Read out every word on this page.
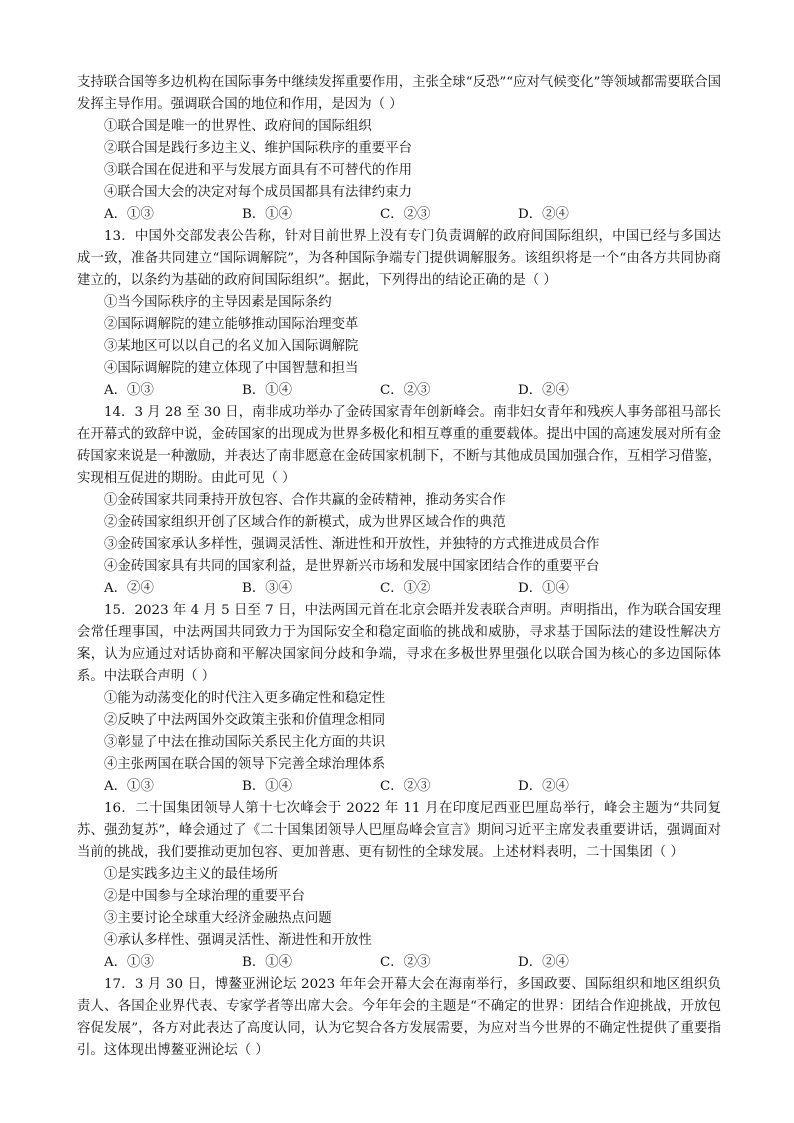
支持联合国等多边机构在国际事务中继续发挥重要作用，主张全球“反恐”“应对气候变化”等领域都需要联合国发挥主导作用。强调联合国的地位和作用，是因为（ ）

①联合国是唯一的世界性、政府间的国际组织

②联合国是践行多边主义、维护国际秩序的重要平台

③联合国在促进和平与发展方面具有不可替代的作用

④联合国大会的决定对每个成员国都具有法律约束力

A．①③	B．①④	C．②③	D．②④

13．中国外交部发表公告称，针对目前世界上没有专门负责调解的政府间国际组织，中国已经与多国达成一致，准备共同建立“国际调解院”，为各种国际争端专门提供调解服务。该组织将是一个“由各方共同协商建立的，以条约为基础的政府间国际组织”。据此，下列得出的结论正确的是（ ）

①当今国际秩序的主导因素是国际条约

②国际调解院的建立能够推动国际治理变革

③某地区可以以自己的名义加入国际调解院

④国际调解院的建立体现了中国智慧和担当

A．①③	B．①④	C．②③	D．②④

14．3 月 28 至 30 日，南非成功举办了金砖国家青年创新峰会。南非妇女青年和残疾人事务部祖马部长在开幕式的致辞中说，金砖国家的出现成为世界多极化和相互尊重的重要载体。提出中国的高速发展对所有金砖国家来说是一种激励，并表达了南非愿意在金砖国家机制下，不断与其他成员国加强合作，互相学习借鉴，实现相互促进的期盼。由此可见（ ）

①金砖国家共同秉持开放包容、合作共赢的金砖精神，推动务实合作

②金砖国家组织开创了区域合作的新模式，成为世界区域合作的典范

③金砖国家承认多样性，强调灵活性、渐进性和开放性，并独特的方式推进成员合作

④金砖国家具有共同的国家利益，是世界新兴市场和发展中国家团结合作的重要平台

A．②④	B．③④	C．①②	D．①④

15．2023 年 4 月 5 日至 7 日，中法两国元首在北京会晤并发表联合声明。声明指出，作为联合国安理会常任理事国，中法两国共同致力于为国际安全和稳定面临的挑战和威胁，寻求基于国际法的建设性解决方案，认为应通过对话协商和平解决国家间分歧和争端，寻求在多极世界里强化以联合国为核心的多边国际体系。中法联合声明（ ）

①能为动荡变化的时代注入更多确定性和稳定性

②反映了中法两国外交政策主张和价值理念相同

③彰显了中法在推动国际关系民主化方面的共识

④主张两国在联合国的领导下完善全球治理体系

A．①③	B．①④	C．②③	D．②④

16．二十国集团领导人第十七次峰会于 2022 年 11 月在印度尼西亚巴厘岛举行，峰会主题为“共同复苏、强劲复苏”，峰会通过了《二十国集团领导人巴厘岛峰会宣言》期间习近平主席发表重要讲话，强调面对当前的挑战，我们要推动更加包容、更加普惠、更有韧性的全球发展。上述材料表明，二十国集团（ ）

①是实践多边主义的最佳场所

②是中国参与全球治理的重要平台

③主要讨论全球重大经济金融热点问题

④承认多样性、强调灵活性、渐进性和开放性

A．①③	B．①④	C．②③	D．②④

17．3 月 30 日，博鳌亚洲论坛 2023 年年会开幕大会在海南举行，多国政要、国际组织和地区组织负责人、各国企业界代表、专家学者等出席大会。今年年会的主题是“不确定的世界：团结合作迎挑战，开放包容促发展”，各方对此表达了高度认同，认为它契合各方发展需要，为应对当今世界的不确定性提供了重要指引。这体现出博鳌亚洲论坛（ ）
